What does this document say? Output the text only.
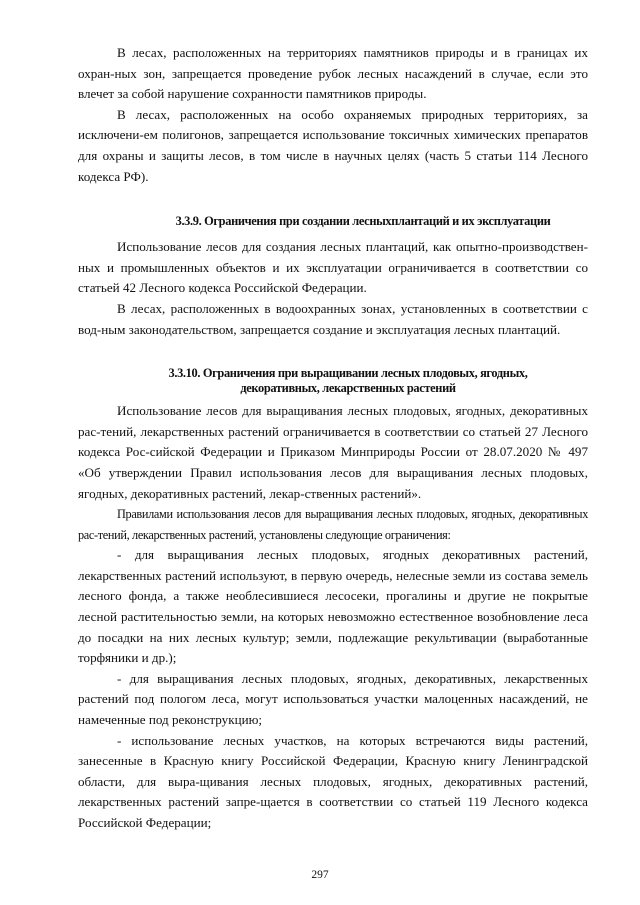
В лесах, расположенных на территориях памятников природы и в границах их охран-ных зон, запрещается проведение рубок лесных насаждений в случае, если это влечет за собой нарушение сохранности памятников природы.

В лесах, расположенных на особо охраняемых природных территориях, за исключени-ем полигонов, запрещается использование токсичных химических препаратов для охраны и защиты лесов, в том числе в научных целях (часть 5 статьи 114 Лесного кодекса РФ).

3.3.9. Ограничения при создании лесныхплантаций и их эксплуатации

Использование лесов для создания лесных плантаций, как опытно-производствен-ных и промышленных объектов и их эксплуатации ограничивается в соответствии со статьей 42 Лесного кодекса Российской Федерации.

В лесах, расположенных в водоохранных зонах, установленных в соответствии с вод-ным законодательством, запрещается создание и эксплуатация лесных плантаций.

3.3.10. Ограничения при выращивании лесных плодовых, ягодных,
декоративных, лекарственных растений

Использование лесов для выращивания лесных плодовых, ягодных, декоративных рас-тений, лекарственных растений ограничивается в соответствии со статьей 27 Лесного кодекса Рос-сийской Федерации и Приказом Минприроды России от 28.07.2020 № 497 «Об утверждении Правил использования лесов для выращивания лесных плодовых, ягодных, декоративных растений, лекар-ственных растений».

Правилами использования лесов для выращивания лесных плодовых, ягодных, декоративных рас-тений, лекарственных растений, установлены следующие ограничения:

- для выращивания лесных плодовых, ягодных декоративных растений, лекарственных растений используют, в первую очередь, нелесные земли из состава земель лесного фонда, а также необлесившиеся лесосеки, прогалины и другие не покрытые лесной растительностью земли, на которых невозможно естественное возобновление леса до посадки на них лесных культур; земли, подлежащие рекультивации (выработанные торфяники и др.);

- для выращивания лесных плодовых, ягодных, декоративных, лекарственных растений под пологом леса, могут использоваться участки малоценных насаждений, не намеченные под реконструкцию;

- использование лесных участков, на которых встречаются виды растений, занесенные в Красную книгу Российской Федерации, Красную книгу Ленинградской области, для выра-щивания лесных плодовых, ягодных, декоративных растений, лекарственных растений запре-щается в соответствии со статьей 119 Лесного кодекса Российской Федерации;

297
